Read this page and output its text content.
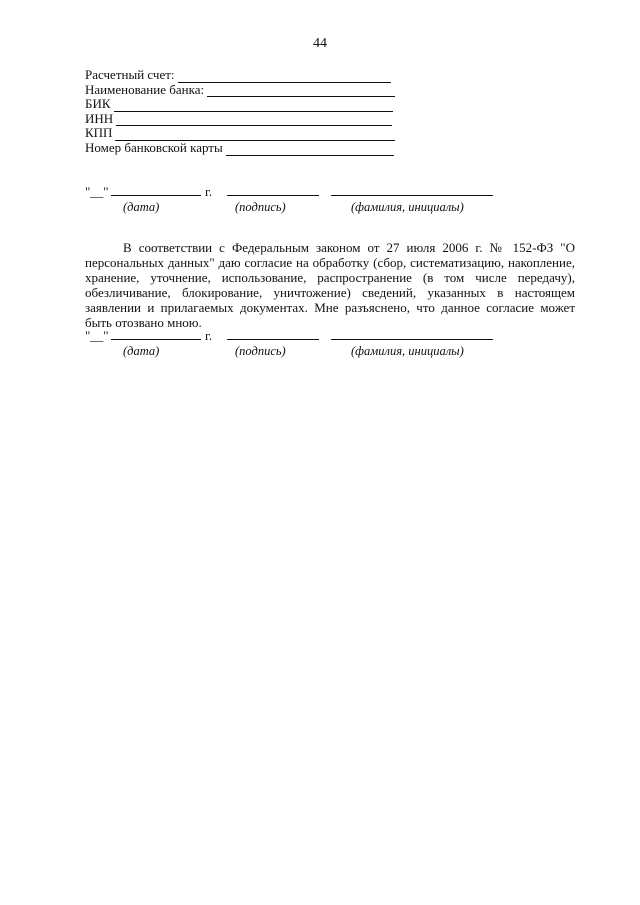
44
Расчетный счет:
Наименование банка:
БИК
ИНН
КПП
Номер банковской карты
"__"	г.
(дата)	(подпись)	(фамилия, инициалы)

В соответствии с Федеральным законом от 27 июля 2006 г. № 152-ФЗ "О персональных данных" даю согласие на обработку (сбор, систематизацию, накопление, хранение, уточнение, использование, распространение (в том числе передачу), обезличивание, блокирование, уничтожение) сведений, указанных в настоящем заявлении и прилагаемых документах. Мне разъяснено, что данное согласие может быть отозвано мною.

"__"	г.
(дата)	(подпись)	(фамилия, инициалы)
